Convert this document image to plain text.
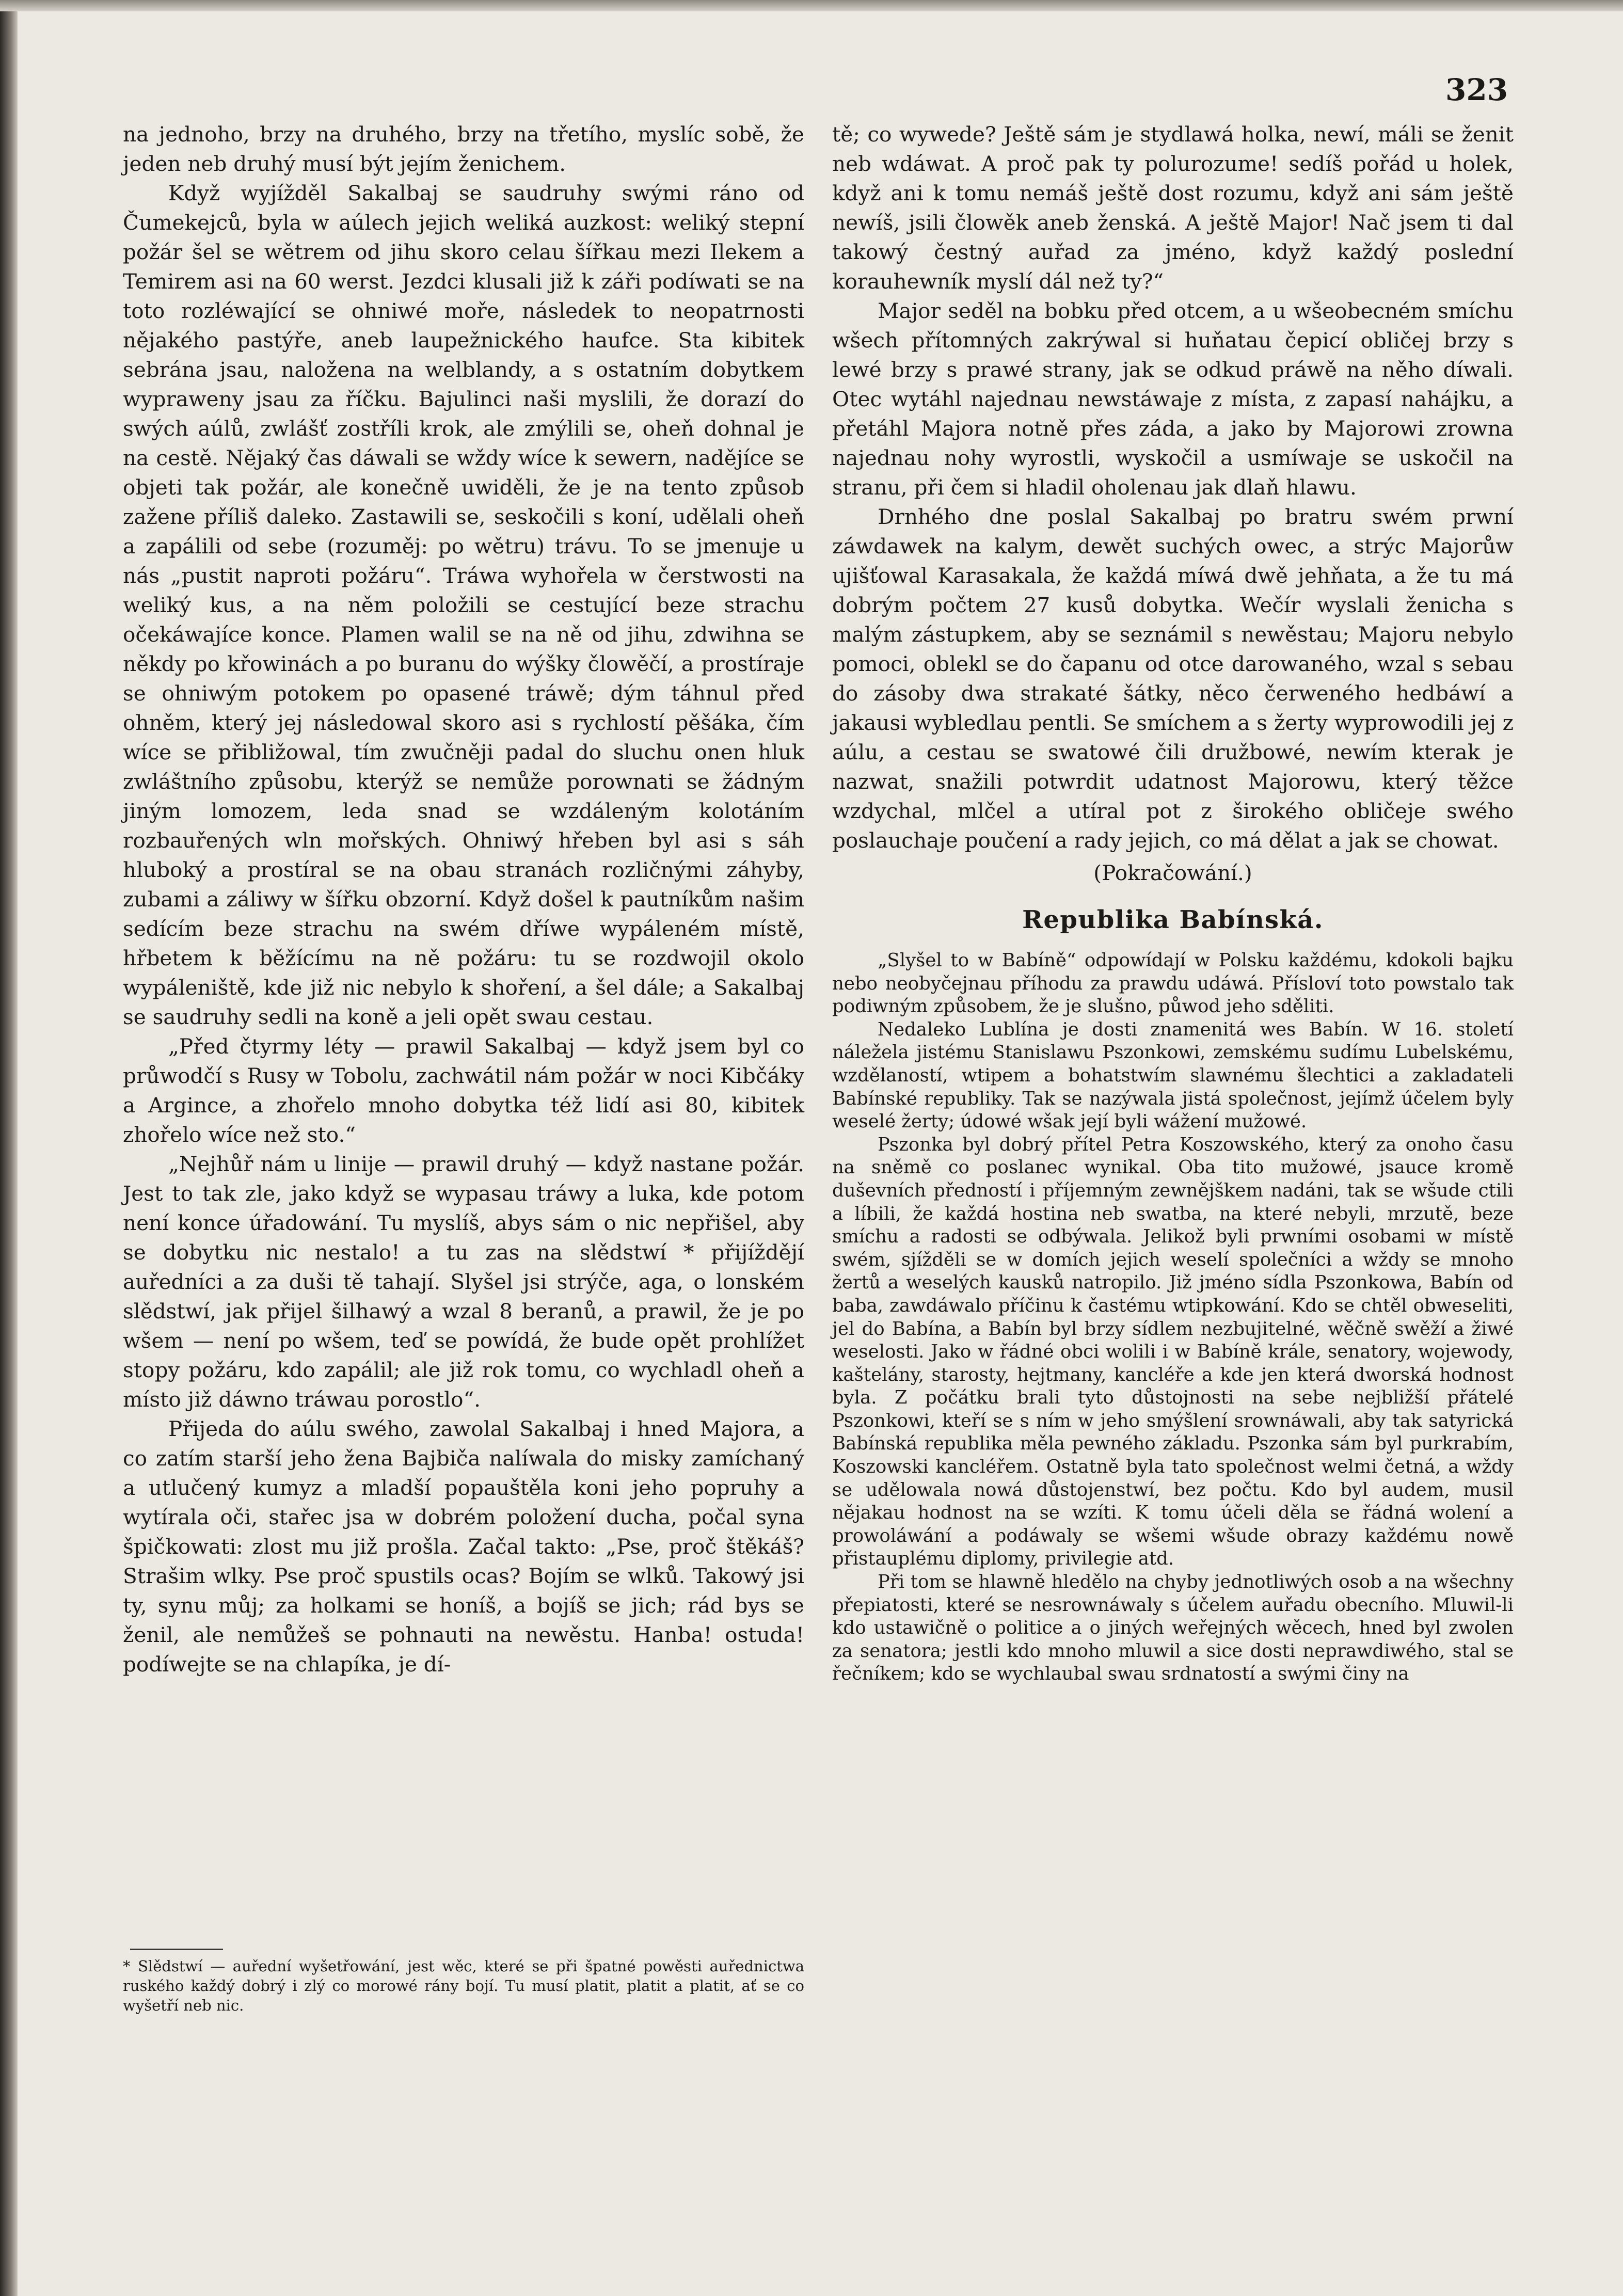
323

na jednoho, brzy na druhého, brzy na třetího, myslíc sobě, že jeden neb druhý musí být jejím ženichem.

Když wyjížděl Sakalbaj se saudruhy swými ráno od Čumekejců, byla w aúlech jejich weliká auzkost: weliký stepní požár šel se wětrem od jihu skoro celau šířkau mezi Ilekem a Temirem asi na 60 werst. Jezdci klusali již k záři podíwati se na toto rozléwající se ohniwé moře, následek to neopatrnosti nějakého pastýře, aneb laupežnického haufce. Sta kibitek sebrána jsau, naložena na welblandy, a s ostatním dobytkem wypraweny jsau za říčku. Bajulinci naši myslili, že dorazí do swých aúlů, zwlášť zostříli krok, ale zmýlili se, oheň dohnal je na cestě. Nějaký čas dáwali se wždy wíce k sewern, nadějíce se objeti tak požár, ale konečně uwiděli, že je na tento způsob zažene příliš daleko. Zastawili se, seskočili s koní, udělali oheň a zapálili od sebe (rozuměj: po wětru) trávu. To se jmenuje u nás „pustit naproti požáru“. Tráwa wyhořela w čerstwosti na weliký kus, a na něm položili se cestující beze strachu očekáwajíce konce. Plamen walil se na ně od jihu, zdwihna se někdy po křowinách a po buranu do wýšky člowěčí, a prostíraje se ohniwým potokem po opasené tráwě; dým táhnul před ohněm, který jej následowal skoro asi s rychlostí pěšáka, čím wíce se přibližowal, tím zwučněji padal do sluchu onen hluk zwláštního způsobu, kterýž se nemůže porownati se žádným jiným lomozem, leda snad se wzdáleným kolotáním rozbauřených wln mořských. Ohniwý hřeben byl asi s sáh hluboký a prostíral se na obau stranách rozličnými záhyby, zubami a záliwy w šířku obzorní. Když došel k pautníkům našim sedícím beze strachu na swém dříwe wypáleném místě, hřbetem k běžícímu na ně požáru: tu se rozdwojil okolo wypáleniště, kde již nic nebylo k shoření, a šel dále; a Sakalbaj se saudruhy sedli na koně a jeli opět swau cestau.

„Před čtyrmy léty — prawil Sakalbaj — když jsem byl co průwodčí s Rusy w Tobolu, zachwátil nám požár w noci Kibčáky a Argince, a zhořelo mnoho dobytka též lidí asi 80, kibitek zhořelo wíce než sto.“

„Nejhůř nám u linije — prawil druhý — když nastane požár. Jest to tak zle, jako když se wypasau tráwy a luka, kde potom není konce úřadowání. Tu myslíš, abys sám o nic nepřišel, aby se dobytku nic nestalo! a tu zas na slědstwí * přijíždějí auředníci a za duši tě tahají. Slyšel jsi strýče, aga, o lonském slědstwí, jak přijel šilhawý a wzal 8 beranů, a prawil, že je po wšem — není po wšem, teď se powídá, že bude opět prohlížet stopy požáru, kdo zapálil; ale již rok tomu, co wychladl oheň a místo již dáwno tráwau porostlo“.

Přijeda do aúlu swého, zawolal Sakalbaj i hned Majora, a co zatím starší jeho žena Bajbiča nalíwala do misky zamíchaný a utlučený kumyz a mladší popauštěla koni jeho popruhy a wytírala oči, stařec jsa w dobrém položení ducha, počal syna špičkowati: zlost mu již prošla. Začal takto: „Pse, proč štěkáš? Strašim wlky. Pse proč spustils ocas? Bojím se wlků. Takowý jsi ty, synu můj; za holkami se honíš, a bojíš se jich; rád bys se ženil, ale nemůžeš se pohnauti na newěstu. Hanba! ostuda! podíwejte se na chlapíka, je dí-

* Slědstwí — auřední wyšetřowání, jest wěc, které se při špatné powěsti auřednictwa ruského každý dobrý i zlý co morowé rány bojí. Tu musí platit, platit a platit, ať se co wyšetří neb nic.

tě; co wywede? Ještě sám je stydlawá holka, newí, máli se ženit neb wdáwat. A proč pak ty polurozume! sedíš pořád u holek, když ani k tomu nemáš ještě dost rozumu, když ani sám ještě newíš, jsili člowěk aneb ženská. A ještě Major! Nač jsem ti dal takowý čestný auřad za jméno, když každý poslední korauhewník myslí dál než ty?“

Major seděl na bobku před otcem, a u wšeobecném smíchu wšech přítomných zakrýwal si huňatau čepicí obličej brzy s lewé brzy s prawé strany, jak se odkud práwě na něho díwali. Otec wytáhl najednau newstáwaje z místa, z zapasí nahájku, a přetáhl Majora notně přes záda, a jako by Majorowi zrowna najednau nohy wyrostli, wyskočil a usmíwaje se uskočil na stranu, při čem si hladil oholenau jak dlaň hlawu.

Drnhého dne poslal Sakalbaj po bratru swém prwní záwdawek na kalym, dewět suchých owec, a strýc Majorůw ujišťowal Karasakala, že každá míwá dwě jehňata, a že tu má dobrým počtem 27 kusů dobytka. Wečír wyslali ženicha s malým zástupkem, aby se seznámil s newěstau; Majoru nebylo pomoci, oblekl se do čapanu od otce darowaného, wzal s sebau do zásoby dwa strakaté šátky, něco čerweného hedbáwí a jakausi wybledlau pentli. Se smíchem a s žerty wyprowodili jej z aúlu, a cestau se swatowé čili družbowé, newím kterak je nazwat, snažili potwrdit udatnost Majorowu, který těžce wzdychal, mlčel a utíral pot z širokého obličeje swého poslauchaje poučení a rady jejich, co má dělat a jak se chowat.

(Pokračowání.)
Republika Babínská.

„Slyšel to w Babíně“ odpowídají w Polsku každému, kdokoli bajku nebo neobyčejnau příhodu za prawdu udáwá. Přísloví toto powstalo tak podiwným způsobem, že je slušno, půwod jeho sděliti.

Nedaleko Lublína je dosti znamenitá wes Babín. W 16. století náležela jistému Stanislawu Pszonkowi, zemskému sudímu Lubelskému, wzdělaností, wtipem a bohatstwím slawnému šlechtici a zakladateli Babínské republiky. Tak se nazýwala jistá společnost, jejímž účelem byly weselé žerty; údowé wšak její byli wážení mužowé.

Pszonka byl dobrý přítel Petra Koszowského, který za onoho času na sněmě co poslanec wynikal. Oba tito mužowé, jsauce kromě duševních předností i příjemným zewnějškem nadáni, tak se wšude ctili a líbili, že každá hostina neb swatba, na které nebyli, mrzutě, beze smíchu a radosti se odbýwala. Jelikož byli prwními osobami w místě swém, sjížděli se w domích jejich weselí společníci a wždy se mnoho žertů a weselých kausků natropilo. Již jméno sídla Pszonkowa, Babín od baba, zawdáwalo příčinu k častému wtipkowání. Kdo se chtěl obweseliti, jel do Babína, a Babín byl brzy sídlem nezbujitelné, wěčně swěží a žiwé weselosti. Jako w řádné obci wolili i w Babíně krále, senatory, wojewody, kaštelány, starosty, hejtmany, kancléře a kde jen která dworská hodnost byla. Z počátku brali tyto důstojnosti na sebe nejbližší přátelé Pszonkowi, kteří se s ním w jeho smýšlení srownáwali, aby tak satyrická Babínská republika měla pewného základu. Pszonka sám byl purkrabím, Koszowski kancléřem. Ostatně byla tato společnost welmi četná, a wždy se udělowala nowá důstojenstwí, bez počtu. Kdo byl audem, musil nějakau hodnost na se wzíti. K tomu účeli děla se řádná wolení a prowoláwání a podáwaly se wšemi wšude obrazy každému nowě přistauplému diplomy, privilegie atd.

Při tom se hlawně hledělo na chyby jednotliwých osob a na wšechny přepiatosti, které se nesrownáwaly s účelem auřadu obecního. Mluwil-li kdo ustawičně o politice a o jiných weřejných wěcech, hned byl zwolen za senatora; jestli kdo mnoho mluwil a sice dosti neprawdiwého, stal se řečníkem; kdo se wychlaubal swau srdnatostí a swými činy na
